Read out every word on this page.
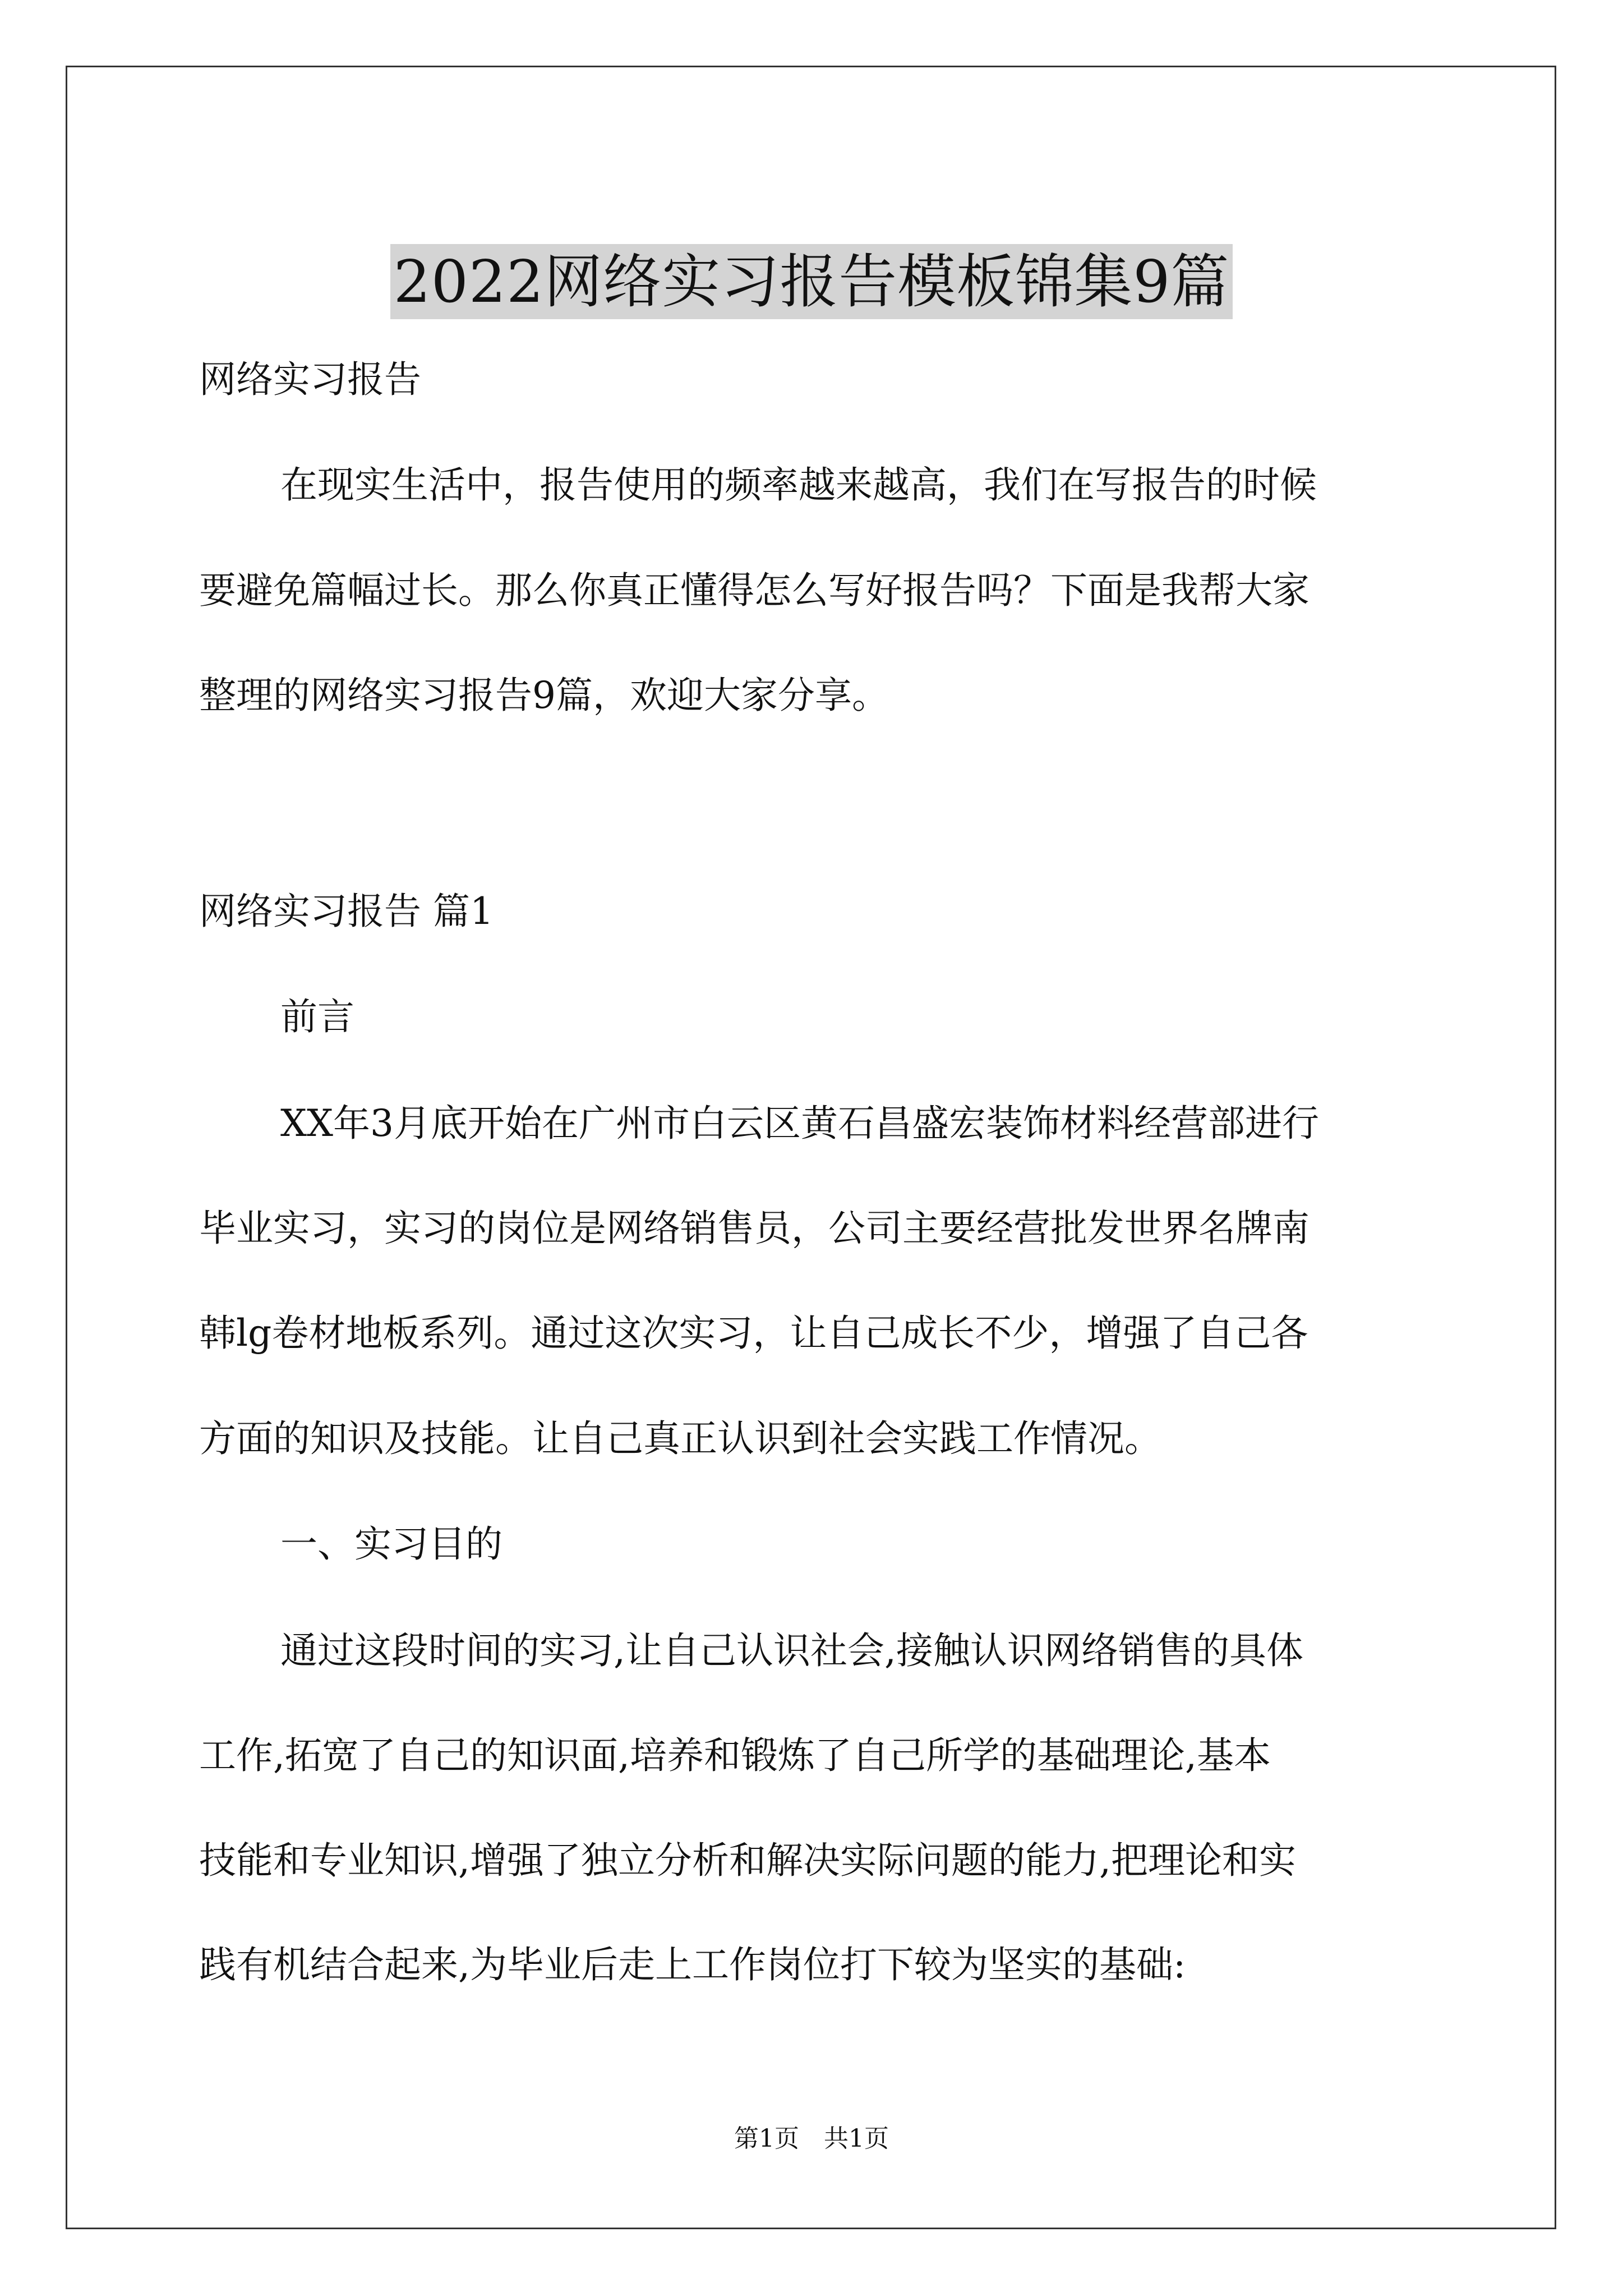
2022网络实习报告模板锦集9篇
网络实习报告
在现实生活中，报告使用的频率越来越高，我们在写报告的时候
要避免篇幅过长。那么你真正懂得怎么写好报告吗？下面是我帮大家
整理的网络实习报告9篇，欢迎大家分享。
网络实习报告 篇1
前言
XX年3月底开始在广州市白云区黄石昌盛宏装饰材料经营部进行
毕业实习，实习的岗位是网络销售员，公司主要经营批发世界名牌南
韩lg卷材地板系列。通过这次实习，让自己成长不少，增强了自己各
方面的知识及技能。让自己真正认识到社会实践工作情况。
一、实习目的
通过这段时间的实习,让自己认识社会,接触认识网络销售的具体
工作,拓宽了自己的知识面,培养和锻炼了自己所学的基础理论,基本
技能和专业知识,增强了独立分析和解决实际问题的能力,把理论和实
践有机结合起来,为毕业后走上工作岗位打下较为坚实的基础:
第1页　共1页
